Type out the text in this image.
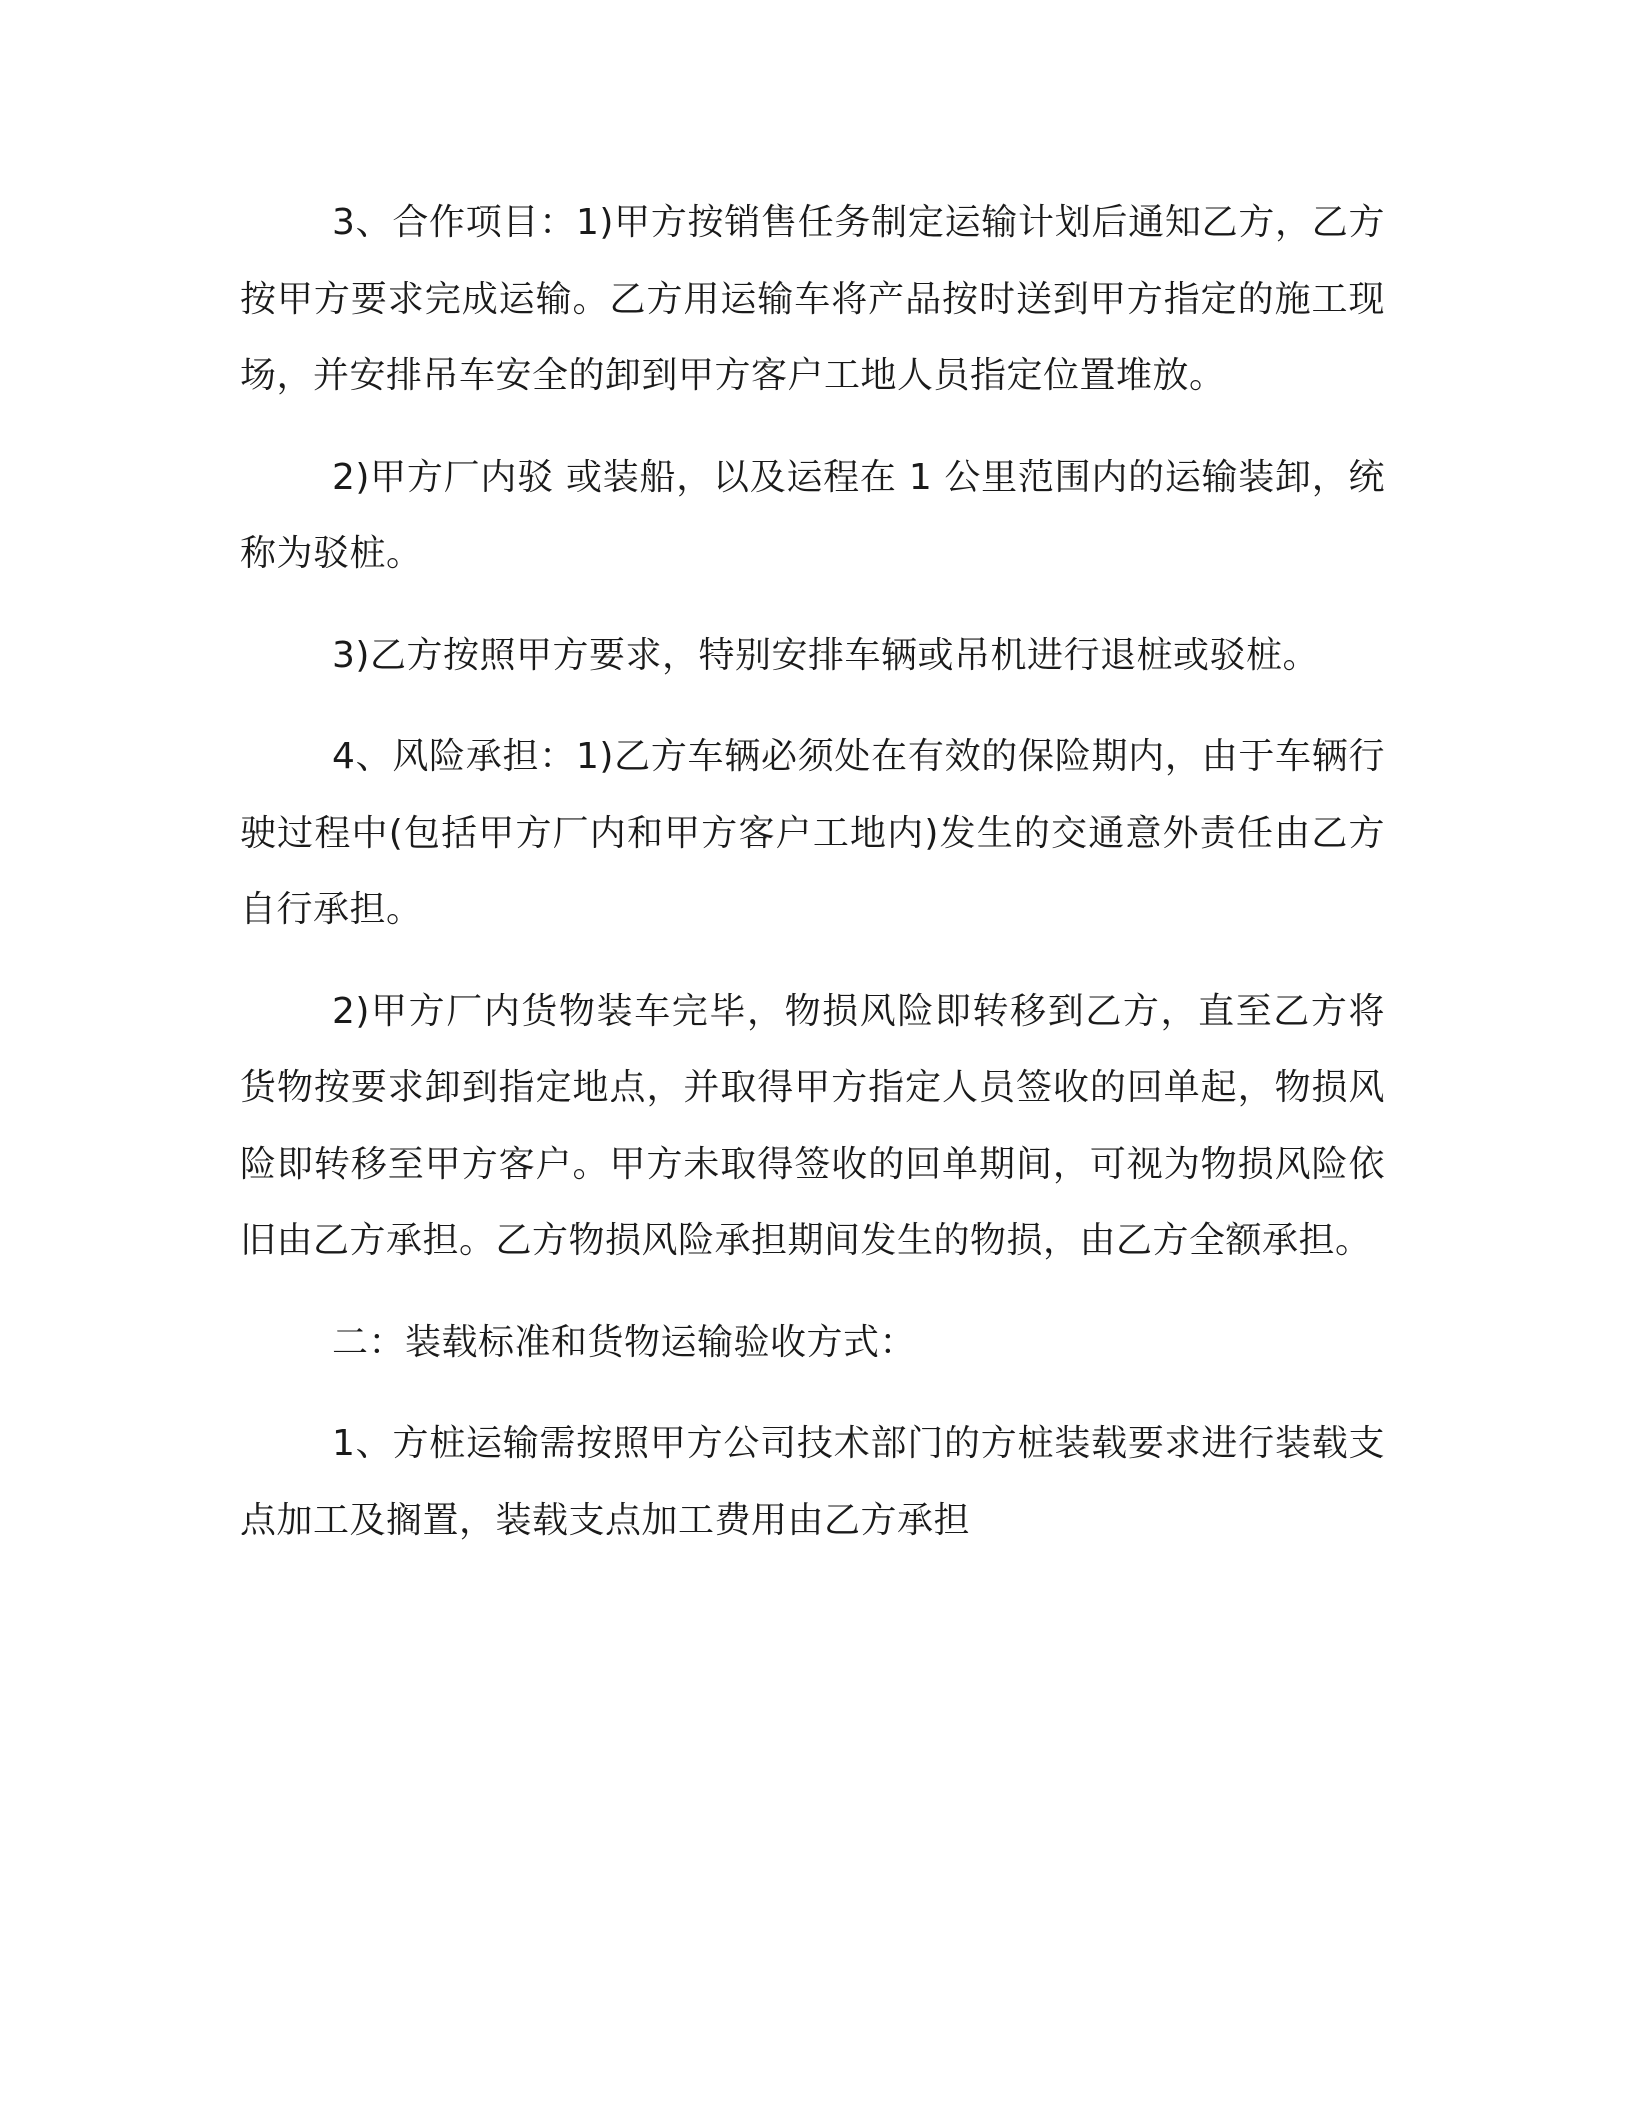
3、合作项目：1)甲方按销售任务制定运输计划后通知乙方，乙方按甲方要求完成运输。乙方用运输车将产品按时送到甲方指定的施工现场，并安排吊车安全的卸到甲方客户工地人员指定位置堆放。

2)甲方厂内驳 或装船，以及运程在 1 公里范围内的运输装卸，统称为驳桩。

3)乙方按照甲方要求，特别安排车辆或吊机进行退桩或驳桩。

4、风险承担：1)乙方车辆必须处在有效的保险期内，由于车辆行驶过程中(包括甲方厂内和甲方客户工地内)发生的交通意外责任由乙方自行承担。

2)甲方厂内货物装车完毕，物损风险即转移到乙方，直至乙方将货物按要求卸到指定地点，并取得甲方指定人员签收的回单起，物损风险即转移至甲方客户。甲方未取得签收的回单期间，可视为物损风险依旧由乙方承担。乙方物损风险承担期间发生的物损，由乙方全额承担。

二：装载标准和货物运输验收方式：

1、方桩运输需按照甲方公司技术部门的方桩装载要求进行装载支点加工及搁置，装载支点加工费用由乙方承担
